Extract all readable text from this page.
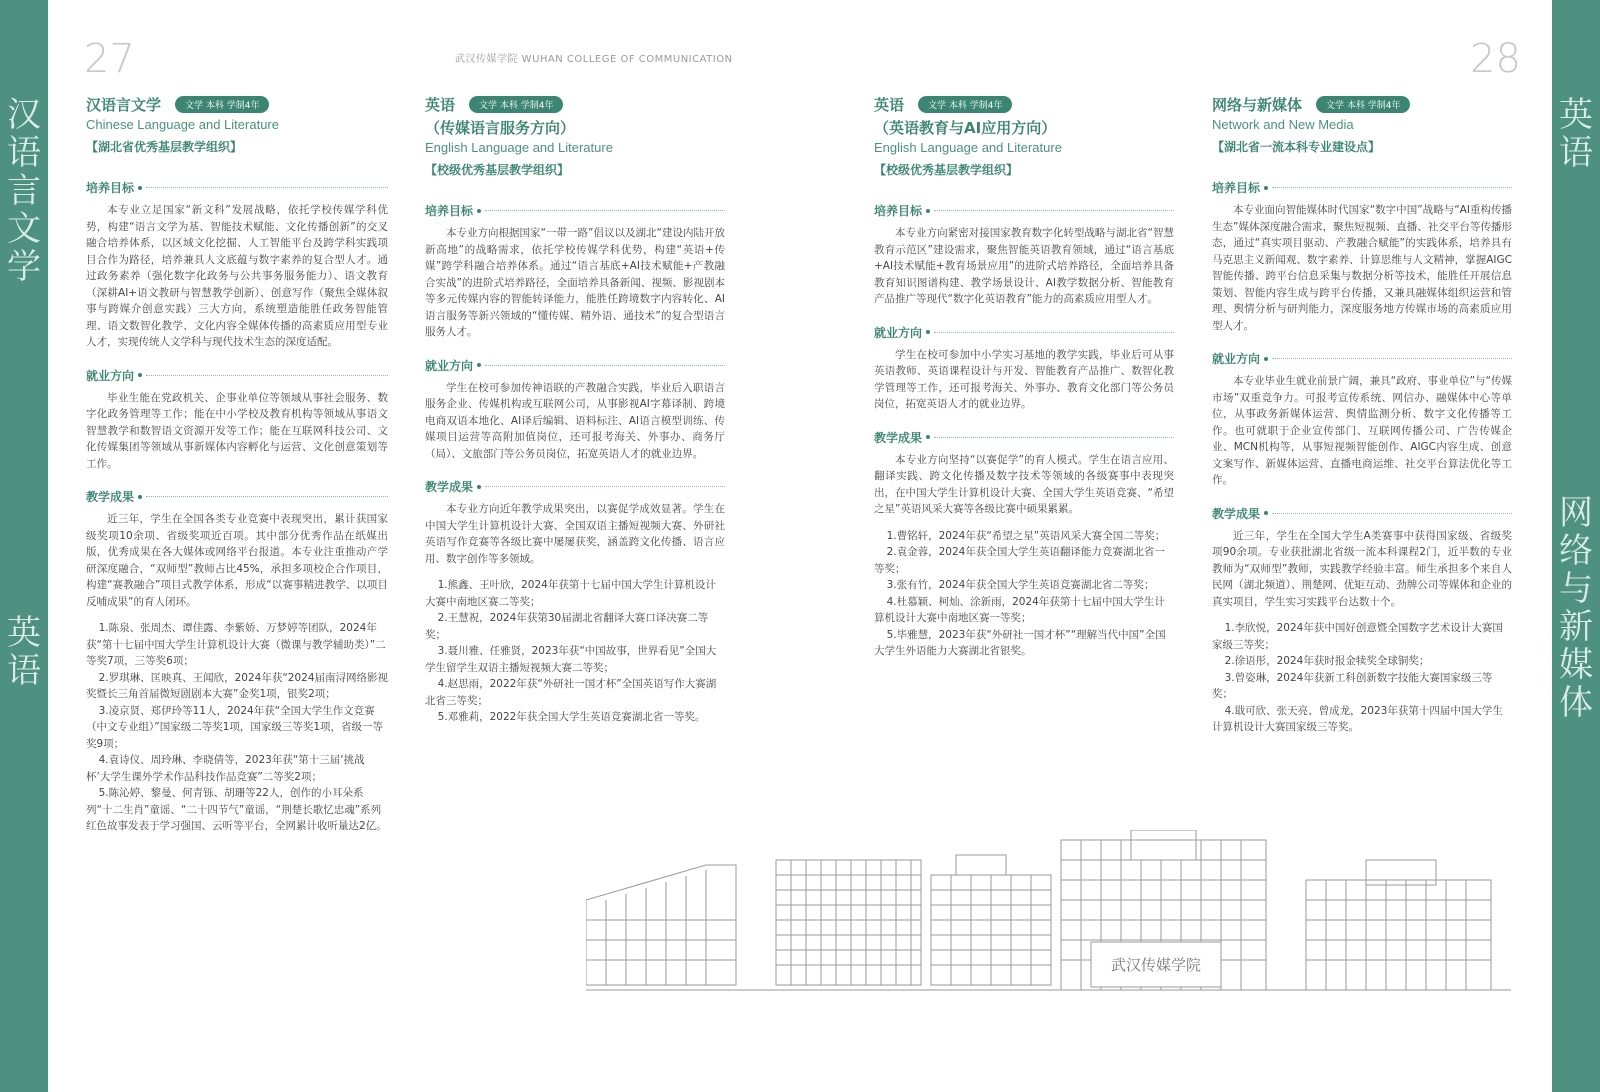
汉
语
言
文
学
英
语
英
语
网
络
与
新
媒
体
27	武汉传媒学院 WUHAN COLLEGE OF COMMUNICATION	28
汉语言文学	文学 本科 学制4年
Chinese Language and Literature
【湖北省优秀基层教学组织】
培养目标
本专业立足国家“新文科”发展战略，依托学校传媒学科优势，构建“语言文学为基、智能技术赋能、文化传播创新”的交叉融合培养体系，以区域文化挖掘、人工智能平台及跨学科实践项目合作为路径，培养兼具人文底蕴与数字素养的复合型人才。通过政务素养（强化数字化政务与公共事务服务能力）、语文教育（深耕AI+语文教研与智慧教学创新）、创意写作（聚焦全媒体叙事与跨媒介创意实践）三大方向，系统塑造能胜任政务智能管理、语文数智化教学、文化内容全媒体传播的高素质应用型专业人才，实现传统人文学科与现代技术生态的深度适配。
就业方向
毕业生能在党政机关、企事业单位等领域从事社会服务、数字化政务管理等工作；能在中小学校及教育机构等领域从事语文智慧教学和数智语文资源开发等工作；能在互联网科技公司、文化传媒集团等领域从事新媒体内容孵化与运营、文化创意策划等工作。
教学成果
近三年，学生在全国各类专业竞赛中表现突出，累计获国家级奖项10余项、省级奖项近百项。其中部分优秀作品在纸媒出版，优秀成果在各大媒体或网络平台报道。本专业注重推动产学研深度融合，“双师型”教师占比45%，承担多项校企合作项目，构建“赛教融合”项目式教学体系，形成“以赛事精进教学、以项目反哺成果”的育人闭环。
1.陈泉、张周杰、谭佳露、李紫娇、万梦婷等团队，2024年获“第十七届中国大学生计算机设计大赛（微课与教学辅助类）”二等奖7项，三等奖6项；
2.罗琪琳、匡映真、王闻欣，2024年获“2024届南浔网络影视奖暨长三角首届微短剧剧本大赛”金奖1项，银奖2项；
3.凌京贤、郑伊玲等11人，2024年获“全国大学生作文竞赛（中文专业组）”国家级二等奖1项，国家级三等奖1项，省级一等奖9项；
4.袁诗仪、周玲琳、李晓倩等，2023年获“第十三届‘挑战杯’大学生课外学术作品科技作品竞赛”二等奖2项；
5.陈沁婷、黎曼、何青铄、胡珊等22人，创作的小耳朵系列“十二生肖”童谣、“二十四节气”童谣，“荆楚长歌忆忠魂”系列红色故事发表于学习强国、云听等平台，全网累计收听量达2亿。
英语	文学 本科 学制4年
（传媒语言服务方向）
English Language and Literature
【校级优秀基层教学组织】
培养目标
本专业方向根据国家“一带一路”倡议以及湖北“建设内陆开放新高地”的战略需求，依托学校传媒学科优势，构建“英语+传媒”跨学科融合培养体系。通过“语言基底+AI技术赋能+产教融合实战”的进阶式培养路径，全面培养具备新闻、视频、影视剧本等多元传媒内容的智能转译能力，能胜任跨境数字内容转化、AI语言服务等新兴领域的“懂传媒、精外语、通技术”的复合型语言服务人才。
就业方向
学生在校可参加传神语联的产教融合实践，毕业后入职语言服务企业、传媒机构或互联网公司，从事影视AI字幕译制、跨境电商双语本地化、AI译后编辑、语料标注、AI语言模型训练、传媒项目运营等高附加值岗位，还可报考海关、外事办、商务厅（局）、文旅部门等公务员岗位，拓宽英语人才的就业边界。
教学成果
本专业方向近年教学成果突出，以赛促学成效显著。学生在中国大学生计算机设计大赛、全国双语主播短视频大赛、外研社英语写作竞赛等各级比赛中屡屡获奖，涵盖跨文化传播、语言应用、数字创作等多领域。
1.熊鑫、王叶欣，2024年获第十七届中国大学生计算机设计大赛中南地区赛二等奖；
2.王慧祝，2024年获第30届湖北省翻译大赛口译决赛二等奖；
3.聂川雅、任雅贤，2023年获“中国故事，世界看见”全国大学生留学生双语主播短视频大赛二等奖；
4.赵思雨，2022年获“外研社一国才杯”全国英语写作大赛湖北省三等奖；
5.邓雅莉，2022年获全国大学生英语竞赛湖北省一等奖。
英语	文学 本科 学制4年
（英语教育与AI应用方向）
English Language and Literature
【校级优秀基层教学组织】
培养目标
本专业方向紧密对接国家教育数字化转型战略与湖北省“智慧教育示范区”建设需求，聚焦智能英语教育领域，通过“语言基底+AI技术赋能+教育场景应用”的进阶式培养路径，全面培养具备教育知识图谱构建、教学场景设计、AI教学数据分析、智能教育产品推广等现代“数字化英语教育”能力的高素质应用型人才。
就业方向
学生在校可参加中小学实习基地的教学实践，毕业后可从事英语教师、英语课程设计与开发、智能教育产品推广、数智化教学管理等工作，还可报考海关、外事办、教育文化部门等公务员岗位，拓宽英语人才的就业边界。
教学成果
本专业方向坚持“以赛促学”的育人模式。学生在语言应用、翻译实践、跨文化传播及数字技术等领域的各级赛事中表现突出，在中国大学生计算机设计大赛、全国大学生英语竞赛、“希望之星”英语风采大赛等各级比赛中硕果累累。
1.曹铭轩，2024年获“希望之星”英语风采大赛全国二等奖；
2.袁金蓉，2024年获全国大学生英语翻译能力竞赛湖北省一等奖；
3.张有竹，2024年获全国大学生英语竞赛湖北省二等奖；
4.杜慕颖、柯灿、涂新雨，2024年获第十七届中国大学生计算机设计大赛中南地区赛一等奖；
5.毕雅慧，2023年获“外研社一国才杯”“理解当代中国”全国大学生外语能力大赛湖北省银奖。
网络与新媒体	文学 本科 学制4年
Network and New Media
【湖北省一流本科专业建设点】
培养目标
本专业面向智能媒体时代国家“数字中国”战略与“AI重构传播生态”媒体深度融合需求，聚焦短视频、直播、社交平台等传播形态，通过“真实项目驱动、产教融合赋能”的实践体系，培养具有马克思主义新闻观、数字素养、计算思维与人文精神，掌握AIGC智能传播、跨平台信息采集与数据分析等技术，能胜任开展信息策划、智能内容生成与跨平台传播，又兼具融媒体组织运营和管理、舆情分析与研判能力，深度服务地方传媒市场的高素质应用型人才。
就业方向
本专业毕业生就业前景广阔，兼具“政府、事业单位”与“传媒市场”双重竞争力。可报考宣传系统、网信办、融媒体中心等单位，从事政务新媒体运营、舆情监测分析、数字文化传播等工作。也可就职于企业宣传部门、互联网传播公司、广告传媒企业、MCN机构等，从事短视频智能创作、AIGC内容生成、创意文案写作、新媒体运营、直播电商运维、社交平台算法优化等工作。
教学成果
近三年，学生在全国大学生A类赛事中获得国家级、省级奖项90余项。专业获批湖北省级一流本科课程2门，近半数的专业教师为“双师型”教师，实践教学经验丰富。师生承担多个来自人民网（湖北频道）、荆楚网、优矩互动、劲牌公司等媒体和企业的真实项目，学生实习实践平台达数十个。
1.李欣悦，2024年获中国好创意暨全国数字艺术设计大赛国家级三等奖；
2.徐语彤，2024年获时报金犊奖全球铜奖；
3.曾姿琳，2024年获新工科创新数字技能大赛国家级三等奖；
4.戢可欣、张天亮、曾成龙，2023年获第十四届中国大学生计算机设计大赛国家级三等奖。
武汉传媒学院
